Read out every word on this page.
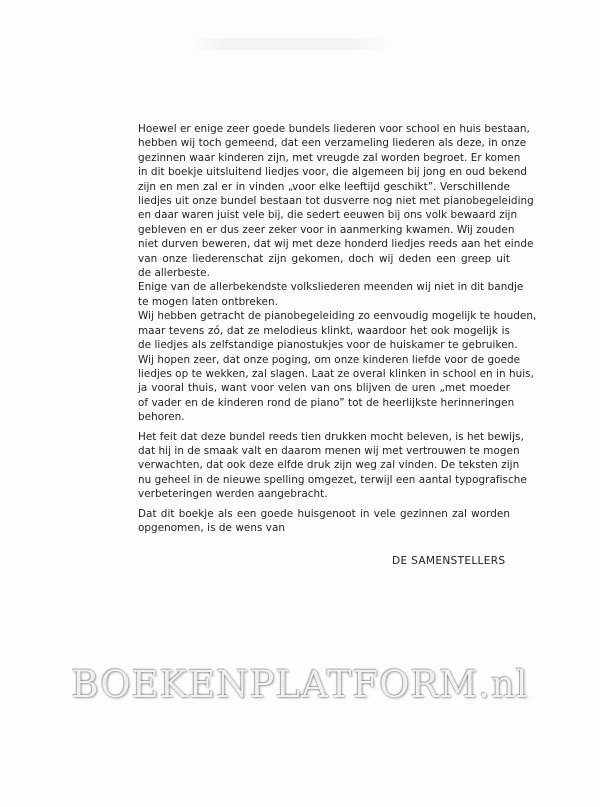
Hoewel er enige zeer goede bundels liederen voor school en huis bestaan,
hebben wij toch gemeend, dat een verzameling liederen als deze, in onze
gezinnen waar kinderen zijn, met vreugde zal worden begroet. Er komen
in dit boekje uitsluitend liedjes voor, die algemeen bij jong en oud bekend
zijn en men zal er in vinden „voor elke leeftijd geschikt”. Verschillende
liedjes uit onze bundel bestaan tot dusverre nog niet met pianobegeleiding
en daar waren juist vele bij, die sedert eeuwen bij ons volk bewaard zijn
gebleven en er dus zeer zeker voor in aanmerking kwamen. Wij zouden
niet durven beweren, dat wij met deze honderd liedjes reeds aan het einde
van onze liederenschat zijn gekomen, doch wij deden een greep uit
de allerbeste.
Enige van de allerbekendste volksliederen meenden wij niet in dit bandje
te mogen laten ontbreken.
Wij hebben getracht de pianobegeleiding zo eenvoudig mogelijk te houden,
maar tevens zó, dat ze melodieus klinkt, waardoor het ook mogelijk is
de liedjes als zelfstandige pianostukjes voor de huiskamer te gebruiken.
Wij hopen zeer, dat onze poging, om onze kinderen liefde voor de goede
liedjes op te wekken, zal slagen. Laat ze overal klinken in school en in huis,
ja vooral thuis, want voor velen van ons blijven de uren „met moeder
of vader en de kinderen rond de piano” tot de heerlijkste herinneringen
behoren.
Het feit dat deze bundel reeds tien drukken mocht beleven, is het bewijs,
dat hij in de smaak valt en daarom menen wij met vertrouwen te mogen
verwachten, dat ook deze elfde druk zijn weg zal vinden. De teksten zijn
nu geheel in de nieuwe spelling omgezet, terwijl een aantal typografische
verbeteringen werden aangebracht.
Dat dit boekje als een goede huisgenoot in vele gezinnen zal worden
opgenomen, is de wens van
DE SAMENSTELLERS
BOEKENPLATFORM.nl
